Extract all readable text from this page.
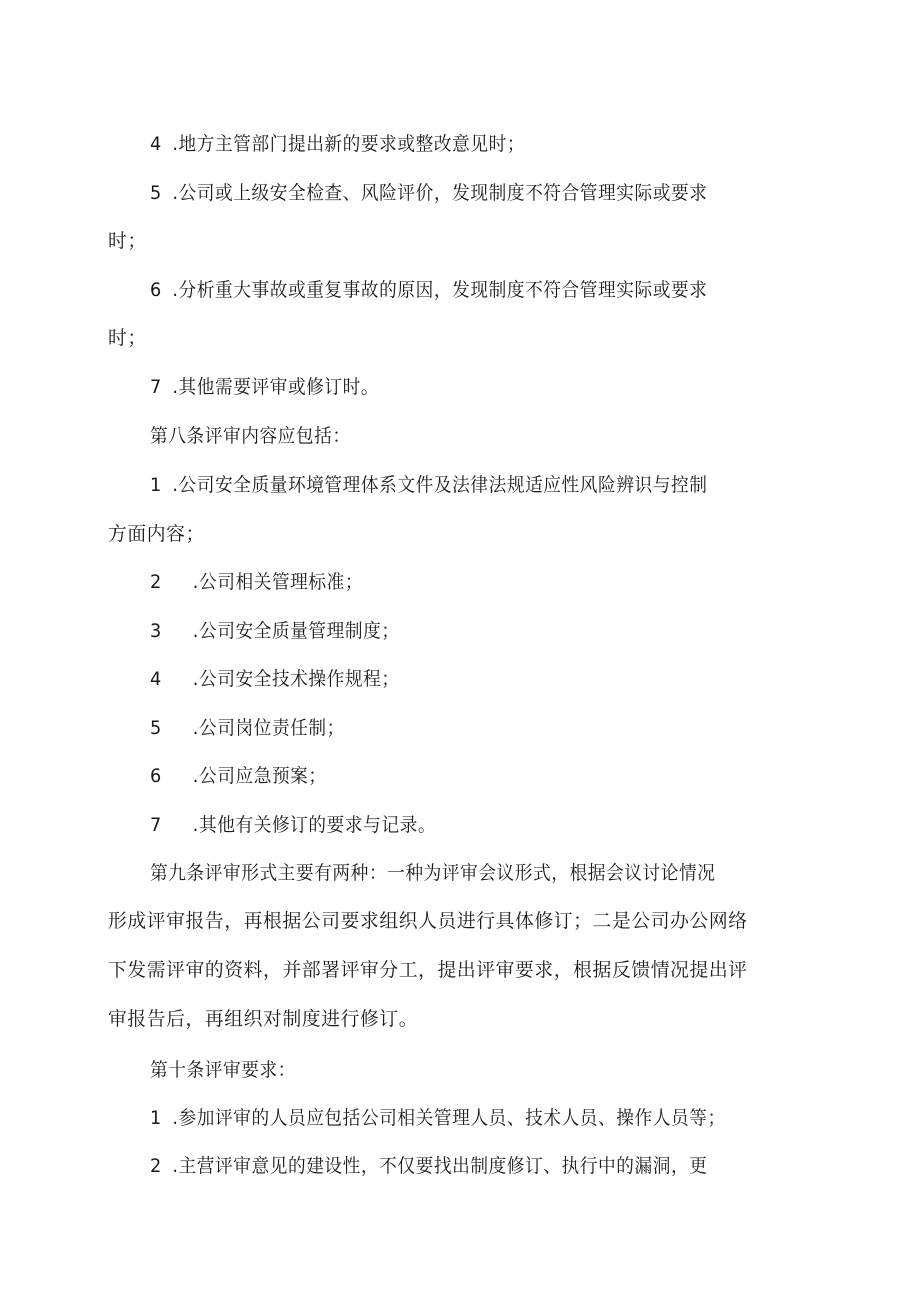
4 .地方主管部门提出新的要求或整改意见时；
5 .公司或上级安全检查、风险评价，发现制度不符合管理实际或要求
时；
6 .分析重大事故或重复事故的原因，发现制度不符合管理实际或要求
时；
7 .其他需要评审或修订时。
第八条评审内容应包括：
1 .公司安全质量环境管理体系文件及法律法规适应性风险辨识与控制
方面内容；
2 .公司相关管理标准；
3 .公司安全质量管理制度；
4 .公司安全技术操作规程；
5 .公司岗位责任制；
6 .公司应急预案；
7 .其他有关修订的要求与记录。
第九条评审形式主要有两种：一种为评审会议形式，根据会议讨论情况
形成评审报告，再根据公司要求组织人员进行具体修订；二是公司办公网络
下发需评审的资料，并部署评审分工，提出评审要求，根据反馈情况提出评
审报告后，再组织对制度进行修订。
第十条评审要求：
1 .参加评审的人员应包括公司相关管理人员、技术人员、操作人员等；
2 .主营评审意见的建设性，不仅要找出制度修订、执行中的漏洞，更
